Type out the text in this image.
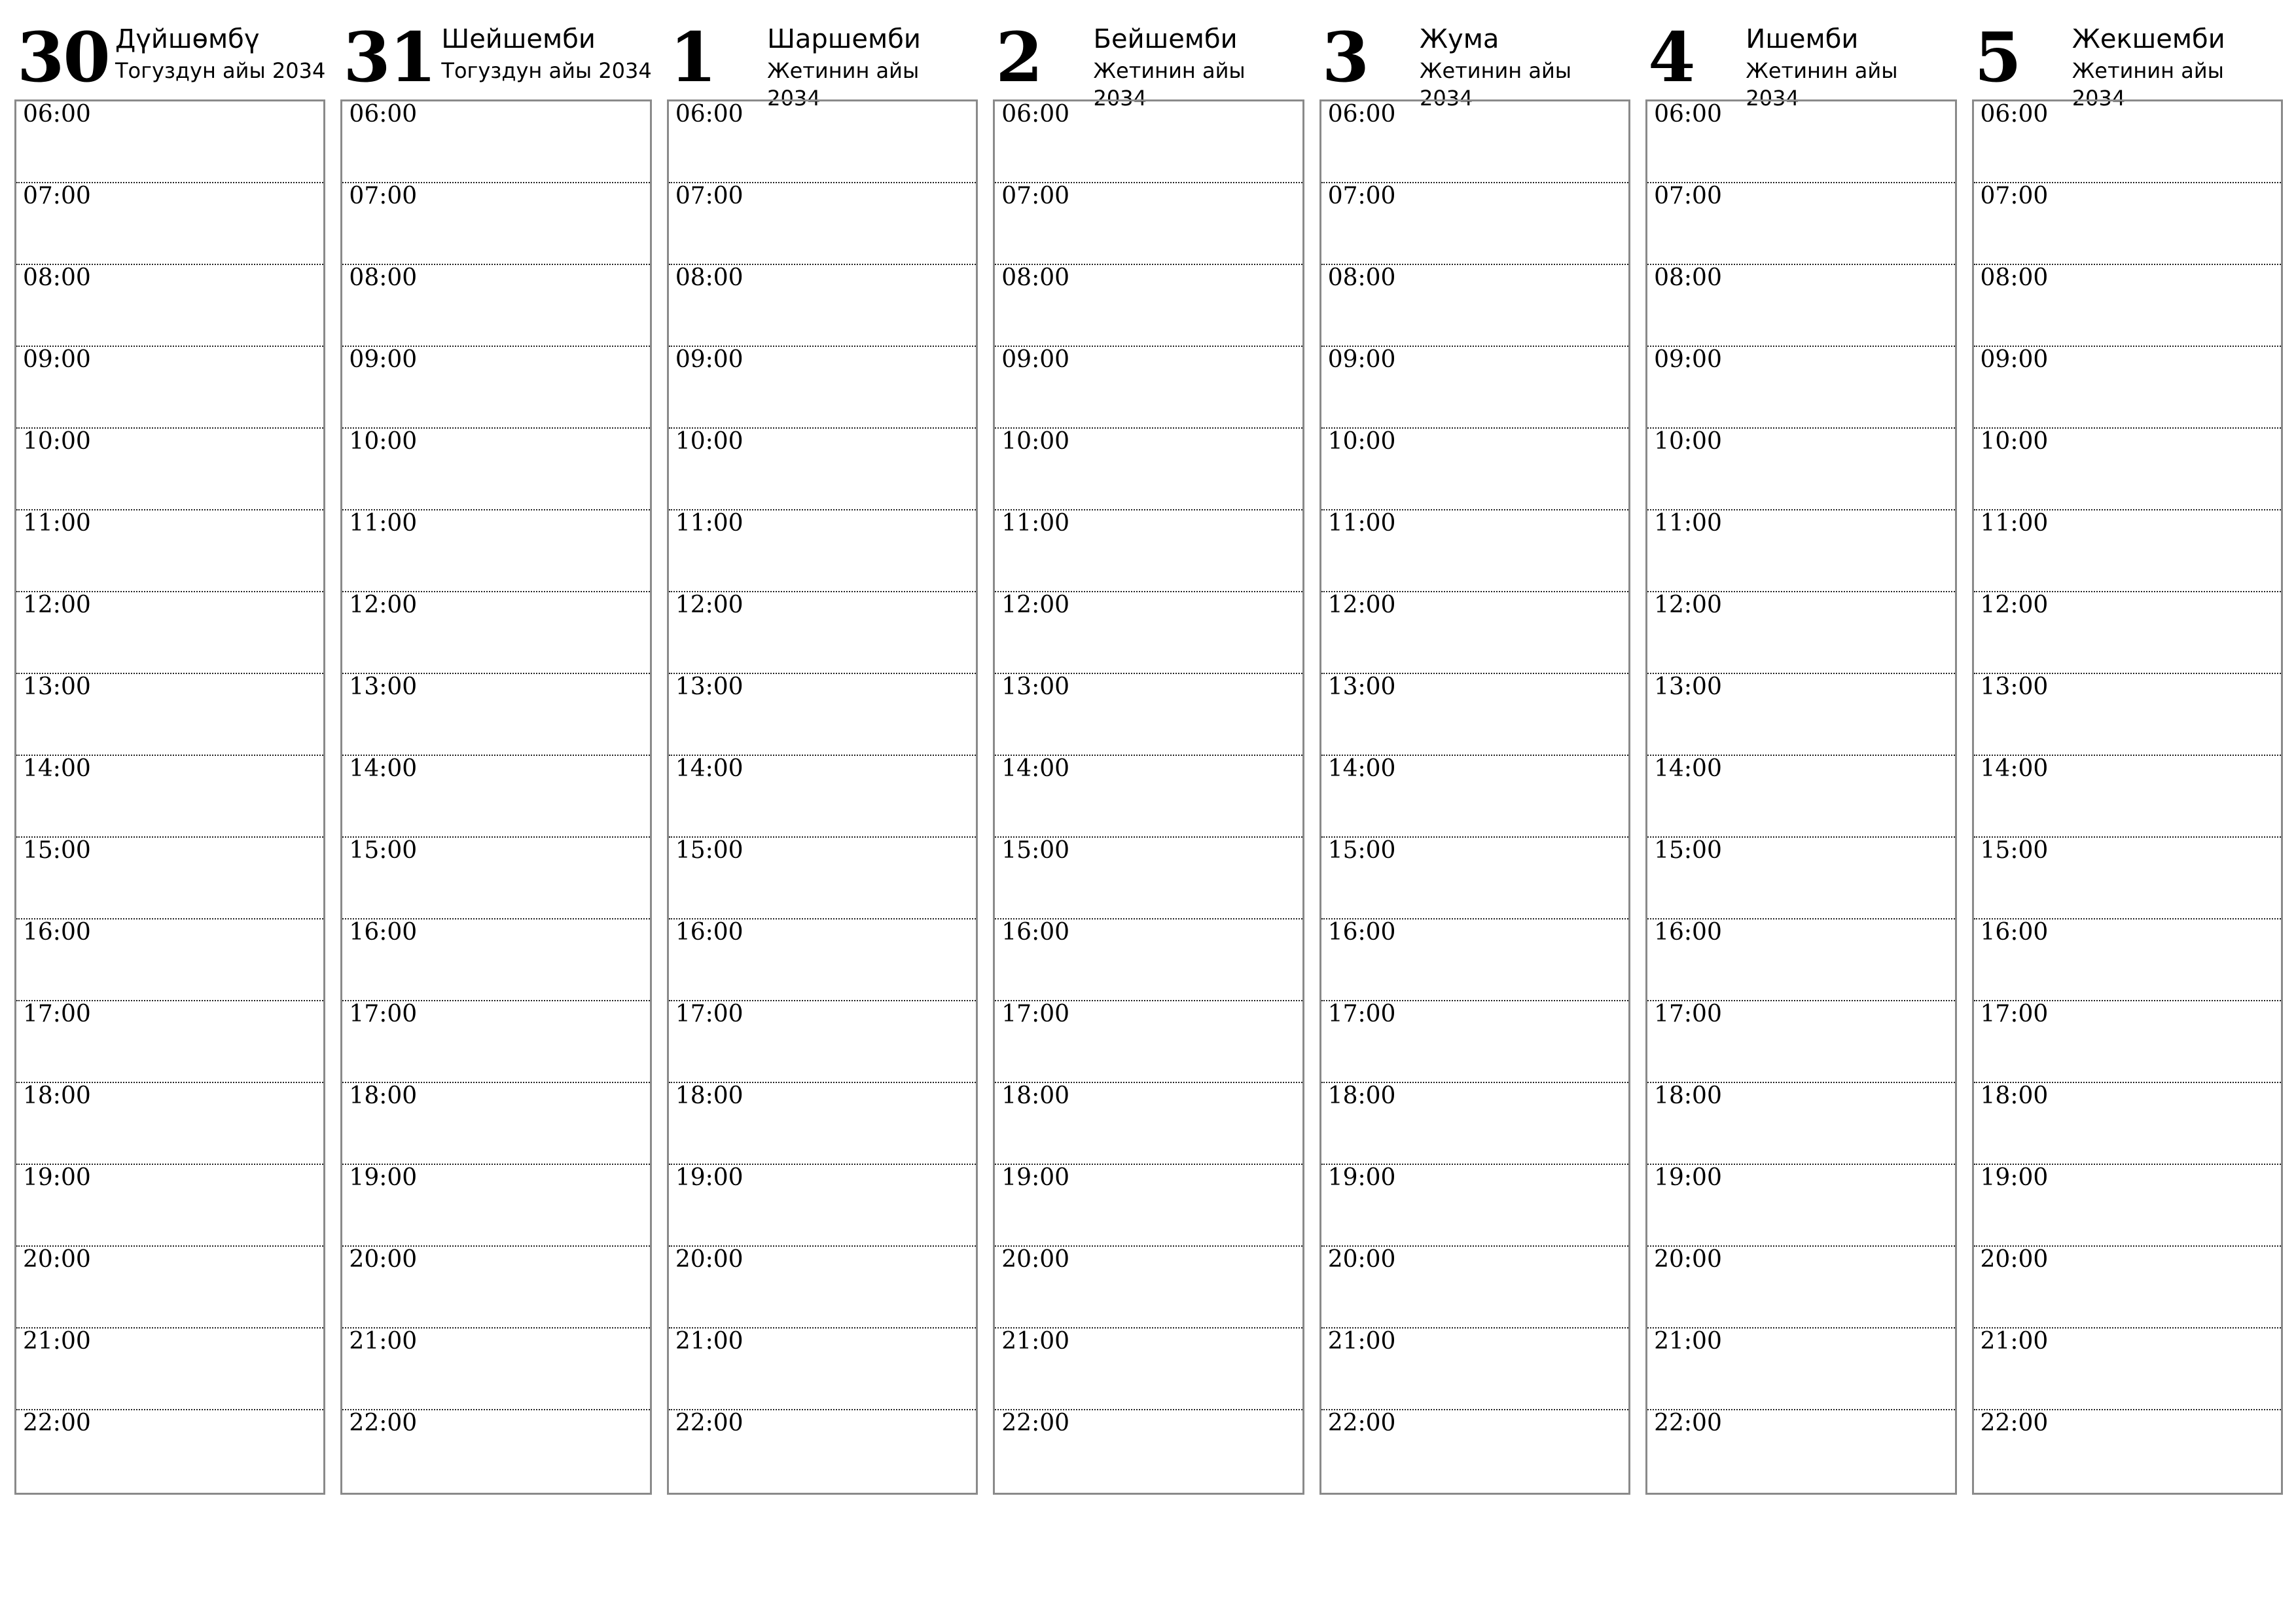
30 Дүйшөмбү
Тогуздун айы 2034
06:00
07:00
08:00
09:00
10:00
11:00
12:00
13:00
14:00
15:00
16:00
17:00
18:00
19:00
20:00
21:00
22:00
31 Шейшемби
Тогуздун айы 2034
06:00
07:00
08:00
09:00
10:00
11:00
12:00
13:00
14:00
15:00
16:00
17:00
18:00
19:00
20:00
21:00
22:00
1	Шаршемби
Жетинин айы 2034
06:00
07:00
08:00
09:00
10:00
11:00
12:00
13:00
14:00
15:00
16:00
17:00
18:00
19:00
20:00
21:00
22:00
2	Бейшемби
Жетинин айы 2034
06:00
07:00
08:00
09:00
10:00
11:00
12:00
13:00
14:00
15:00
16:00
17:00
18:00
19:00
20:00
21:00
22:00
3	Жума
Жетинин айы 2034
06:00
07:00
08:00
09:00
10:00
11:00
12:00
13:00
14:00
15:00
16:00
17:00
18:00
19:00
20:00
21:00
22:00
4	Ишемби
Жетинин айы 2034
06:00
07:00
08:00
09:00
10:00
11:00
12:00
13:00
14:00
15:00
16:00
17:00
18:00
19:00
20:00
21:00
22:00
5	Жекшемби
Жетинин айы 2034
06:00
07:00
08:00
09:00
10:00
11:00
12:00
13:00
14:00
15:00
16:00
17:00
18:00
19:00
20:00
21:00
22:00
